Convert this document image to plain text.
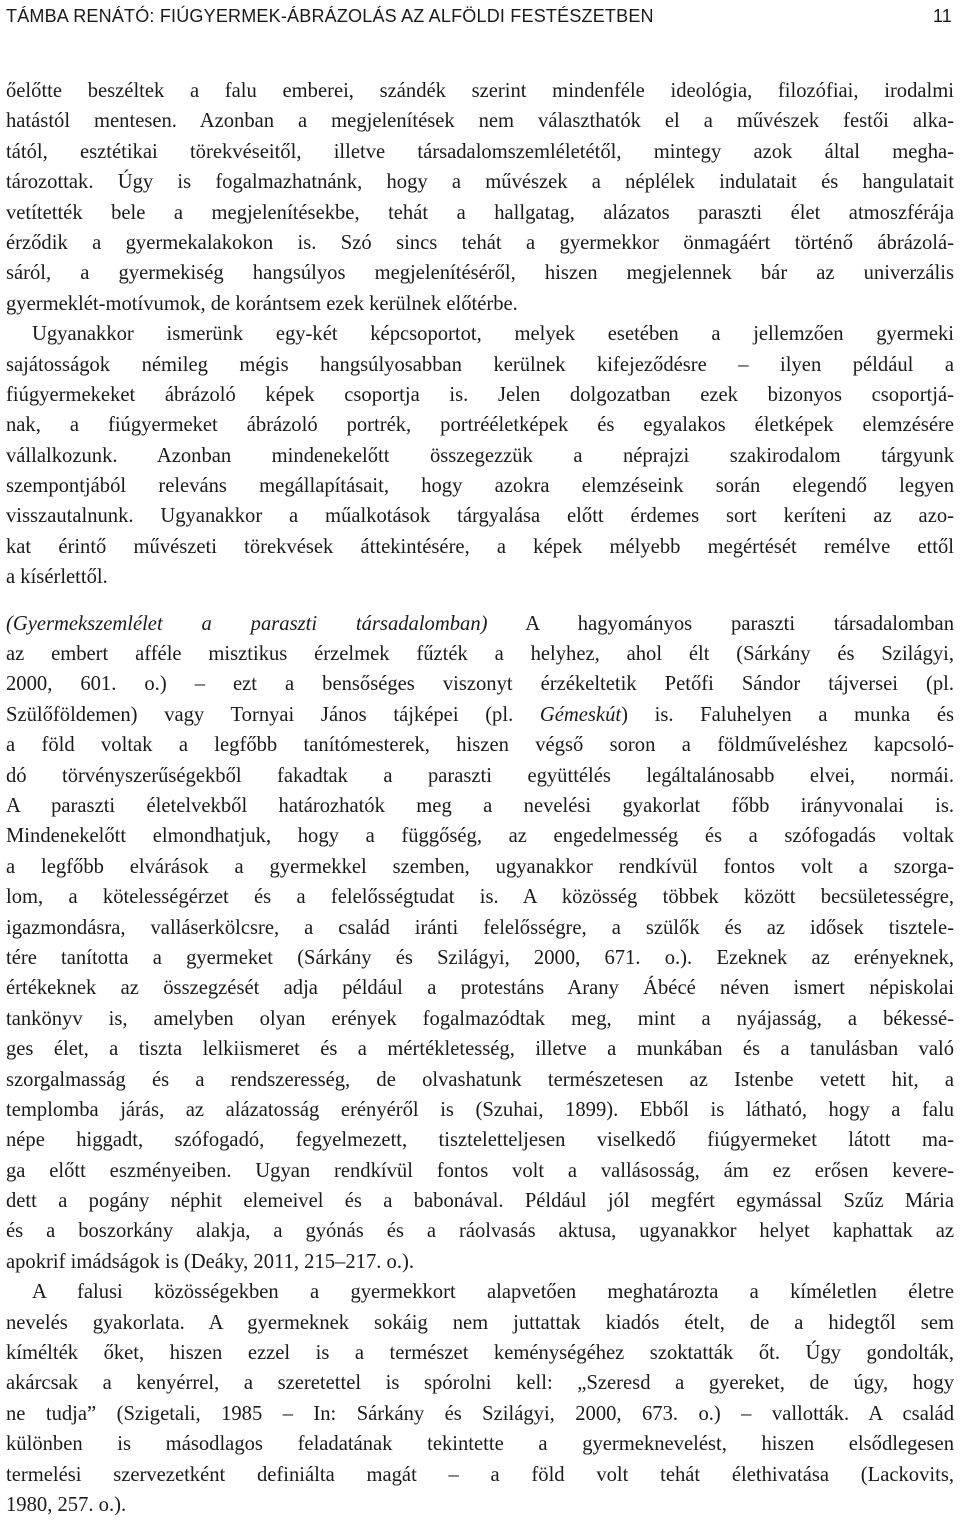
TÁMBA RENÁTÓ: FIÚGYERMEK-ÁBRÁZOLÁS AZ ALFÖLDI FESTÉSZETBEN	11
őelőtte beszéltek a falu emberei, szándék szerint mindenféle ideológia, filozófiai, irodalmi
hatástól mentesen. Azonban a megjelenítések nem választhatók el a művészek festői alka-
tától, esztétikai törekvéseitől, illetve társadalomszemléletétől, mintegy azok által megha-
tározottak. Úgy is fogalmazhatnánk, hogy a művészek a néplélek indulatait és hangulatait
vetítették bele a megjelenítésekbe, tehát a hallgatag, alázatos paraszti élet atmoszférája
érződik a gyermekalakokon is. Szó sincs tehát a gyermekkor önmagáért történő ábrázolá-
sáról, a gyermekiség hangsúlyos megjelenítéséről, hiszen megjelennek bár az univerzális
gyermeklét-motívumok, de korántsem ezek kerülnek előtérbe.
Ugyanakkor ismerünk egy-két képcsoportot, melyek esetében a jellemzően gyermeki
sajátosságok némileg mégis hangsúlyosabban kerülnek kifejeződésre – ilyen például a
fiúgyermekeket ábrázoló képek csoportja is. Jelen dolgozatban ezek bizonyos csoportjá-
nak, a fiúgyermeket ábrázoló portrék, portrééletképek és egyalakos életképek elemzésére
vállalkozunk. Azonban mindenekelőtt összegezzük a néprajzi szakirodalom tárgyunk
szempontjából releváns megállapításait, hogy azokra elemzéseink során elegendő legyen
visszautalnunk. Ugyanakkor a műalkotások tárgyalása előtt érdemes sort keríteni az azo-
kat érintő művészeti törekvések áttekintésére, a képek mélyebb megértését remélve ettől
a kísérlettől.
(Gyermekszemlélet a paraszti társadalomban) A hagyományos paraszti társadalomban
az embert afféle misztikus érzelmek fűzték a helyhez, ahol élt (Sárkány és Szilágyi,
2000, 601. o.) – ezt a bensőséges viszonyt érzékeltetik Petőfi Sándor tájversei (pl.
Szülőföldemen) vagy Tornyai János tájképei (pl. Gémeskút) is. Faluhelyen a munka és
a föld voltak a legfőbb tanítómesterek, hiszen végső soron a földműveléshez kapcsoló-
dó törvényszerűségekből fakadtak a paraszti együttélés legáltalánosabb elvei, normái.
A paraszti életelvekből határozhatók meg a nevelési gyakorlat főbb irányvonalai is.
Mindenekelőtt elmondhatjuk, hogy a függőség, az engedelmesség és a szófogadás voltak
a legfőbb elvárások a gyermekkel szemben, ugyanakkor rendkívül fontos volt a szorga-
lom, a kötelességérzet és a felelősségtudat is. A közösség többek között becsületességre,
igazmondásra, valláserkölcsre, a család iránti felelősségre, a szülők és az idősek tisztele-
tére tanította a gyermeket (Sárkány és Szilágyi, 2000, 671. o.). Ezeknek az erényeknek,
értékeknek az összegzését adja például a protestáns Arany Ábécé néven ismert népiskolai
tankönyv is, amelyben olyan erények fogalmazódtak meg, mint a nyájasság, a békessé-
ges élet, a tiszta lelkiismeret és a mértékletesség, illetve a munkában és a tanulásban való
szorgalmasság és a rendszeresség, de olvashatunk természetesen az Istenbe vetett hit, a
templomba járás, az alázatosság erényéről is (Szuhai, 1899). Ebből is látható, hogy a falu
népe higgadt, szófogadó, fegyelmezett, tiszteletteljesen viselkedő fiúgyermeket látott ma-
ga előtt eszményeiben. Ugyan rendkívül fontos volt a vallásosság, ám ez erősen kevere-
dett a pogány néphit elemeivel és a babonával. Például jól megfért egymással Szűz Mária
és a boszorkány alakja, a gyónás és a ráolvasás aktusa, ugyanakkor helyet kaphattak az
apokrif imádságok is (Deáky, 2011, 215–217. o.).
A falusi közösségekben a gyermekkort alapvetően meghatározta a kíméletlen életre
nevelés gyakorlata. A gyermeknek sokáig nem juttattak kiadós ételt, de a hidegtől sem
kímélték őket, hiszen ezzel is a természet keménységéhez szoktatták őt. Úgy gondolták,
akárcsak a kenyérrel, a szeretettel is spórolni kell: „Szeresd a gyereket, de úgy, hogy
ne tudja” (Szigetali, 1985 – In: Sárkány és Szilágyi, 2000, 673. o.) – vallották. A család
különben is másodlagos feladatának tekintette a gyermeknevelést, hiszen elsődlegesen
termelési szervezetként definiálta magát – a föld volt tehát élethivatása (Lackovits,
1980, 257. o.).
